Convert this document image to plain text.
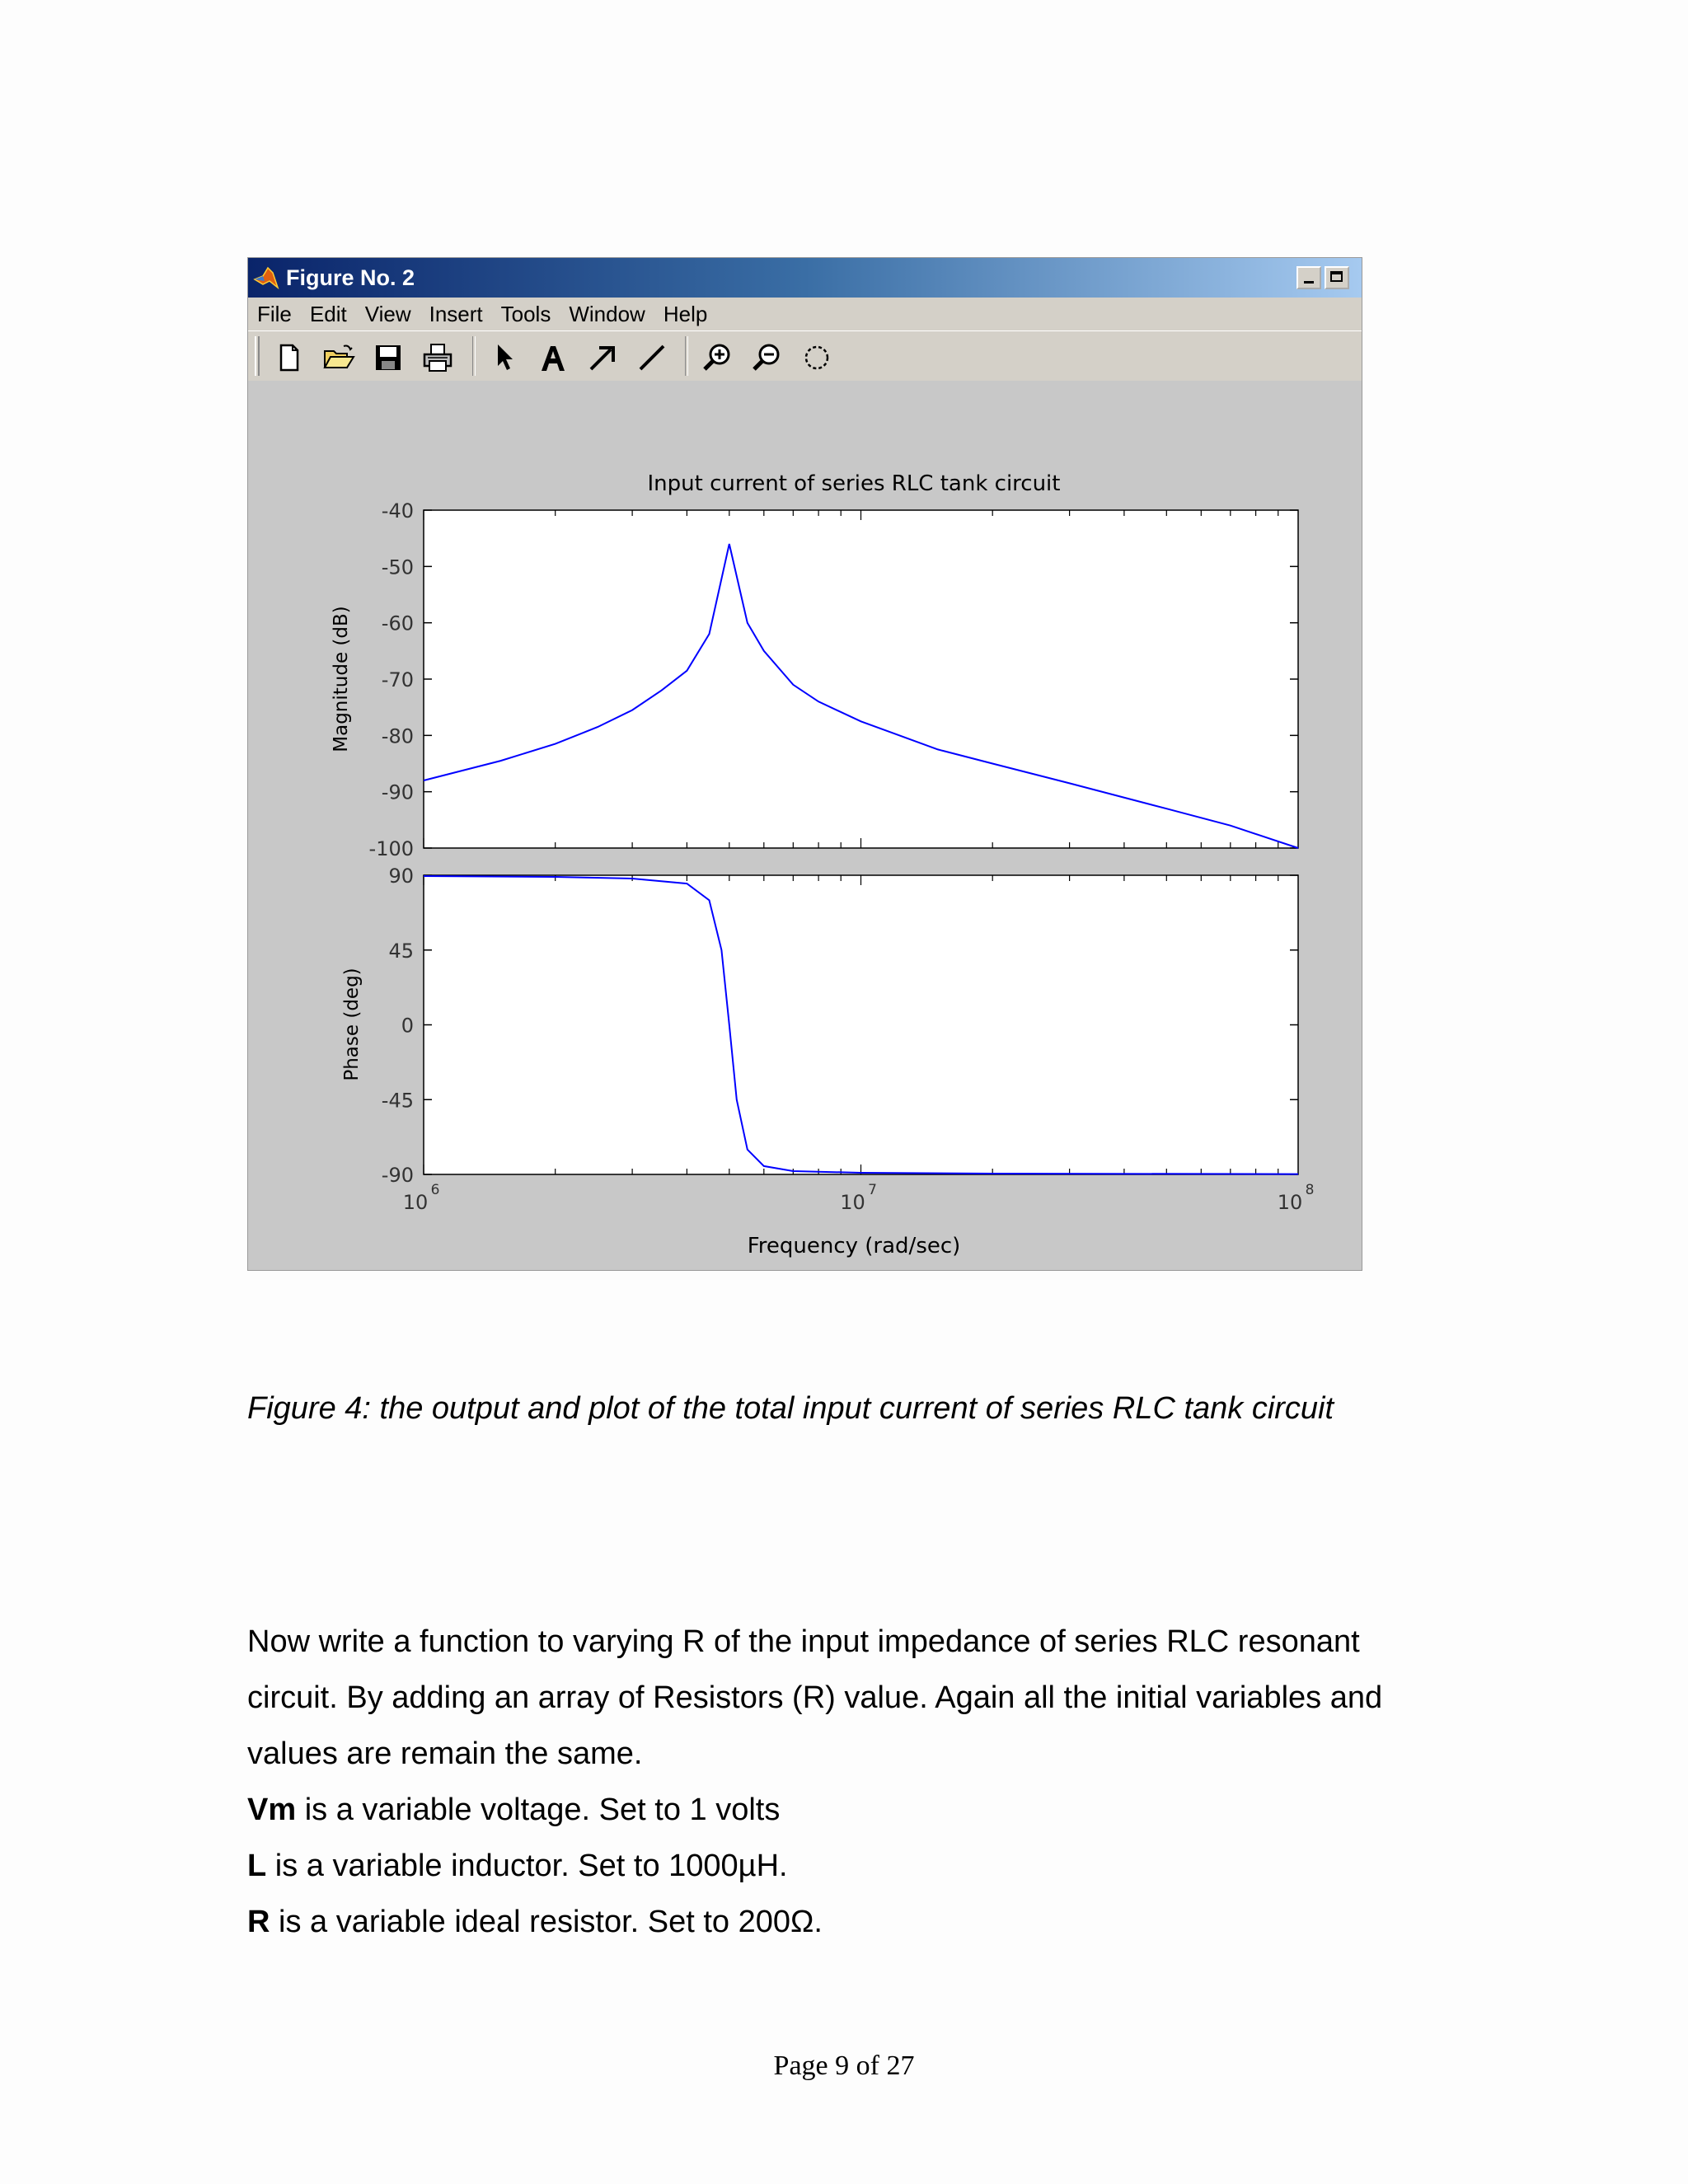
Figure No. 2
File Edit View Insert Tools Window Help
Input current of series RLC tank circuit
Magnitude (dB)
-40
-50
-60
-70
-80
-90
-100
Phase (deg)
Frequency (rad/sec)
90
45
0
-45
-90
10
6
10
7
10
8
Figure 4: the output and plot of the total input current of series RLC tank circuit

Now write a function to varying R of the input impedance of series RLC resonant circuit. By adding an array of Resistors (R) value. Again all the initial variables and values are remain the same.

Vm is a variable voltage. Set to 1 volts

L is a variable inductor. Set to 1000µH.

R is a variable ideal resistor. Set to 200Ω.

Page 9 of 27
